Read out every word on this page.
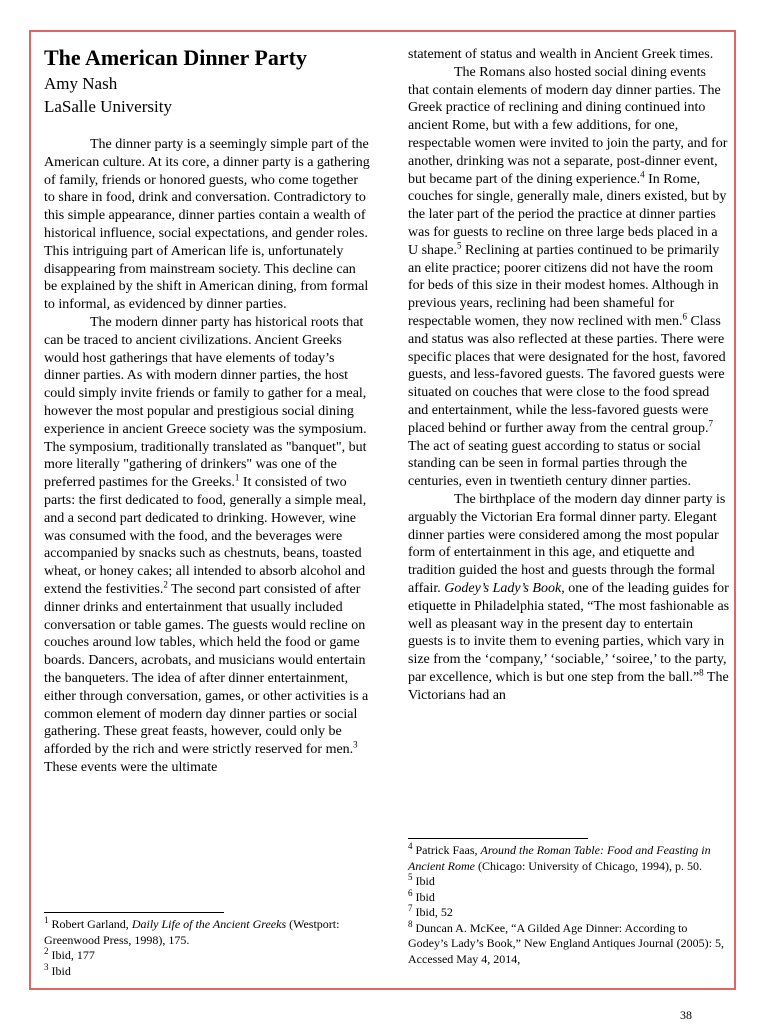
The American Dinner Party
Amy Nash
LaSalle University

The dinner party is a seemingly simple part of the American culture. At its core, a dinner party is a gathering of family, friends or honored guests, who come together to share in food, drink and conversation. Contradictory to this simple appearance, dinner parties contain a wealth of historical influence, social expectations, and gender roles. This intriguing part of American life is, unfortunately disappearing from mainstream society. This decline can be explained by the shift in American dining, from formal to informal, as evidenced by dinner parties.

The modern dinner party has historical roots that can be traced to ancient civilizations. Ancient Greeks would host gatherings that have elements of today’s dinner parties. As with modern dinner parties, the host could simply invite friends or family to gather for a meal, however the most popular and prestigious social dining experience in ancient Greece society was the symposium. The symposium, traditionally translated as "banquet", but more literally "gathering of drinkers" was one of the preferred pastimes for the Greeks.$^1$ It consisted of two parts: the first dedicated to food, generally a simple meal, and a second part dedicated to drinking. However, wine was consumed with the food, and the beverages were accompanied by snacks such as chestnuts, beans, toasted wheat, or honey cakes; all intended to absorb alcohol and extend the festivities.$^2$ The second part consisted of after dinner drinks and entertainment that usually included conversation or table games. The guests would recline on couches around low tables, which held the food or game boards. Dancers, acrobats, and musicians would entertain the banqueters. The idea of after dinner entertainment, either through conversation, games, or other activities is a common element of modern day dinner parties or social gathering. These great feasts, however, could only be afforded by the rich and were strictly reserved for men.$^3$ These events were the ultimate

statement of status and wealth in Ancient Greek times.

The Romans also hosted social dining events that contain elements of modern day dinner parties. The Greek practice of reclining and dining continued into ancient Rome, but with a few additions, for one, respectable women were invited to join the party, and for another, drinking was not a separate, post-dinner event, but became part of the dining experience.$^4$ In Rome, couches for single, generally male, diners existed, but by the later part of the period the practice at dinner parties was for guests to recline on three large beds placed in a U shape.$^5$ Reclining at parties continued to be primarily an elite practice; poorer citizens did not have the room for beds of this size in their modest homes. Although in previous years, reclining had been shameful for respectable women, they now reclined with men.$^6$ Class and status was also reflected at these parties. There were specific places that were designated for the host, favored guests, and less-favored guests. The favored guests were situated on couches that were close to the food spread and entertainment, while the less-favored guests were placed behind or further away from the central group.$^7$ The act of seating guest according to status or social standing can be seen in formal parties through the centuries, even in twentieth century dinner parties.

The birthplace of the modern day dinner party is arguably the Victorian Era formal dinner party. Elegant dinner parties were considered among the most popular form of entertainment in this age, and etiquette and tradition guided the host and guests through the formal affair. Godey’s Lady’s Book, one of the leading guides for etiquette in Philadelphia stated, “The most fashionable as well as pleasant way in the present day to entertain guests is to invite them to evening parties, which vary in size from the ‘company,’ ‘sociable,’ ‘soiree,’ to the party, par excellence, which is but one step from the ball.”$^8$ The Victorians had an

$^1$ Robert Garland, Daily Life of the Ancient Greeks (Westport: Greenwood Press, 1998), 175.

$^2$ Ibid, 177

$^3$ Ibid

$^4$ Patrick Faas, Around the Roman Table: Food and Feasting in Ancient Rome (Chicago: University of Chicago, 1994), p. 50.

$^5$ Ibid

$^6$ Ibid

$^7$ Ibid, 52

$^8$ Duncan A. McKee, “A Gilded Age Dinner: According to Godey’s Lady’s Book,” New England Antiques Journal (2005): 5, Accessed May 4, 2014,

38
